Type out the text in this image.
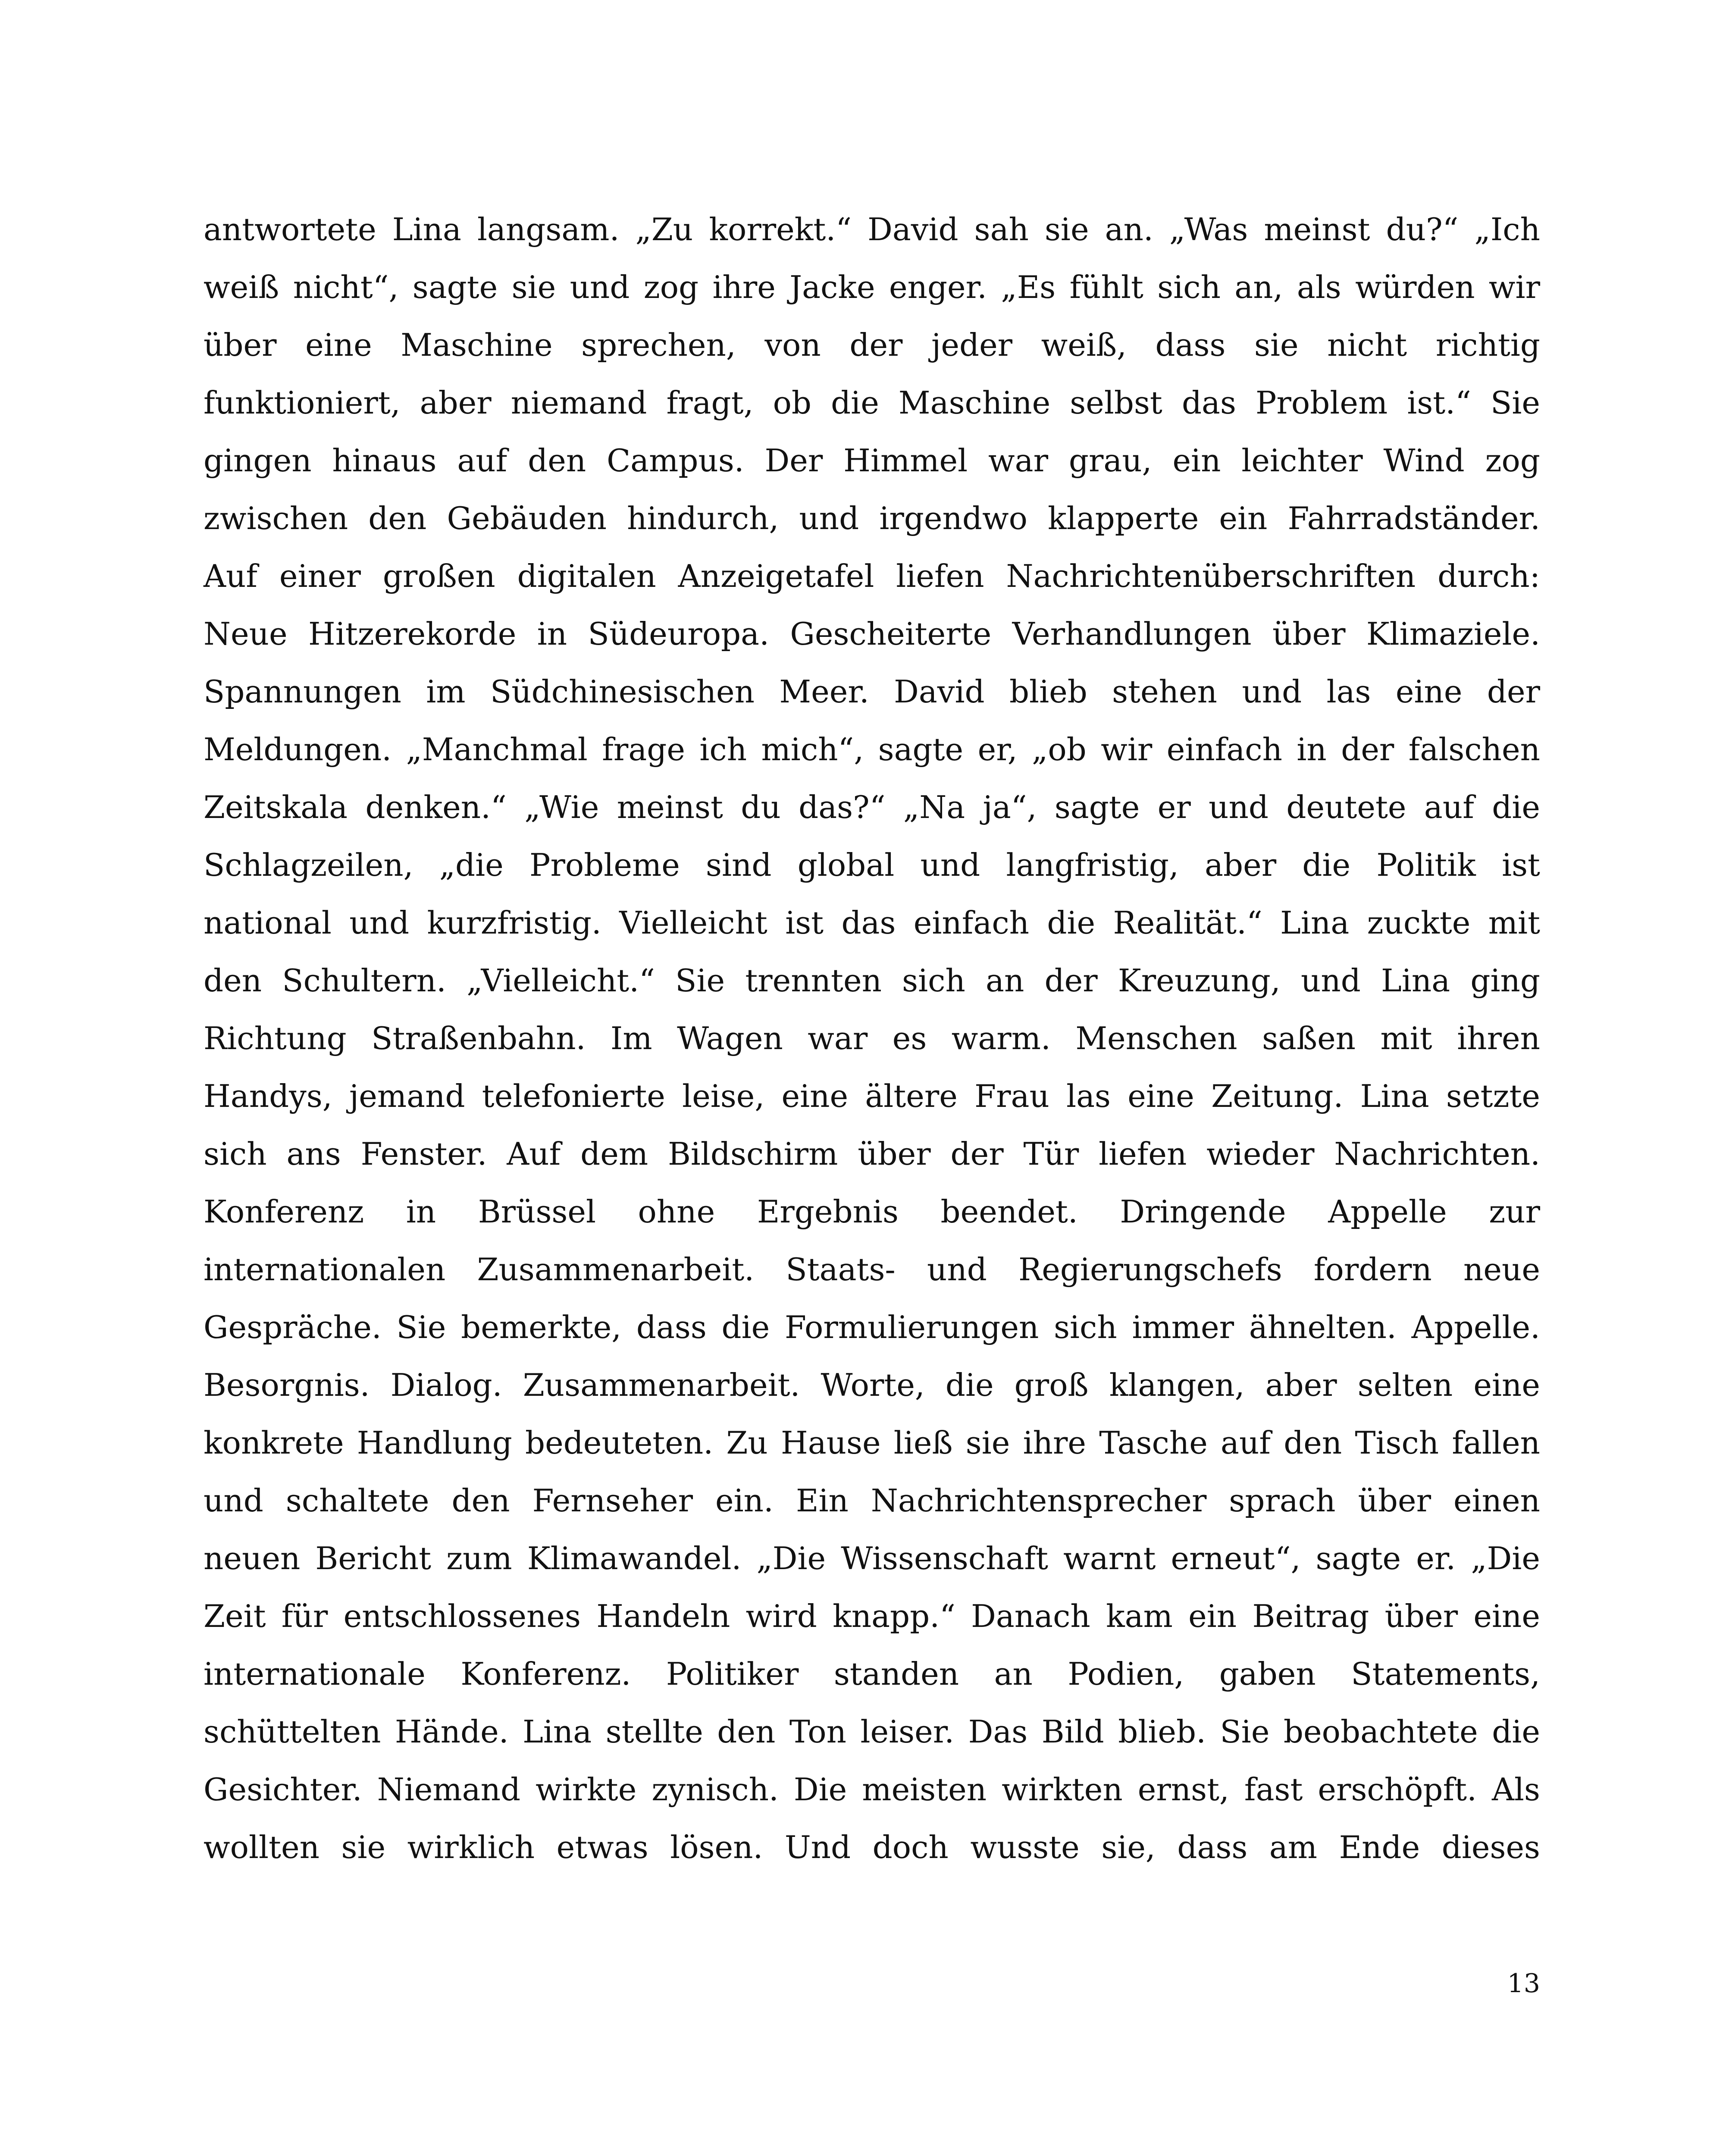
antwortete Lina langsam. „Zu korrekt.“ David sah sie an. „Was meinst du?“ „Ich
weiß nicht“, sagte sie und zog ihre Jacke enger. „Es fühlt sich an, als würden wir
über eine Maschine sprechen, von der jeder weiß, dass sie nicht richtig
funktioniert, aber niemand fragt, ob die Maschine selbst das Problem ist.“ Sie
gingen hinaus auf den Campus. Der Himmel war grau, ein leichter Wind zog
zwischen den Gebäuden hindurch, und irgendwo klapperte ein Fahrradständer.
Auf einer großen digitalen Anzeigetafel liefen Nachrichtenüberschriften durch:
Neue Hitzerekorde in Südeuropa. Gescheiterte Verhandlungen über Klimaziele.
Spannungen im Südchinesischen Meer. David blieb stehen und las eine der
Meldungen. „Manchmal frage ich mich“, sagte er, „ob wir einfach in der falschen
Zeitskala denken.“ „Wie meinst du das?“ „Na ja“, sagte er und deutete auf die
Schlagzeilen, „die Probleme sind global und langfristig, aber die Politik ist
national und kurzfristig. Vielleicht ist das einfach die Realität.“ Lina zuckte mit
den Schultern. „Vielleicht.“ Sie trennten sich an der Kreuzung, und Lina ging
Richtung Straßenbahn. Im Wagen war es warm. Menschen saßen mit ihren
Handys, jemand telefonierte leise, eine ältere Frau las eine Zeitung. Lina setzte
sich ans Fenster. Auf dem Bildschirm über der Tür liefen wieder Nachrichten.
Konferenz in Brüssel ohne Ergebnis beendet. Dringende Appelle zur
internationalen Zusammenarbeit. Staats- und Regierungschefs fordern neue
Gespräche. Sie bemerkte, dass die Formulierungen sich immer ähnelten. Appelle.
Besorgnis. Dialog. Zusammenarbeit. Worte, die groß klangen, aber selten eine
konkrete Handlung bedeuteten. Zu Hause ließ sie ihre Tasche auf den Tisch fallen
und schaltete den Fernseher ein. Ein Nachrichtensprecher sprach über einen
neuen Bericht zum Klimawandel. „Die Wissenschaft warnt erneut“, sagte er. „Die
Zeit für entschlossenes Handeln wird knapp.“ Danach kam ein Beitrag über eine
internationale Konferenz. Politiker standen an Podien, gaben Statements,
schüttelten Hände. Lina stellte den Ton leiser. Das Bild blieb. Sie beobachtete die
Gesichter. Niemand wirkte zynisch. Die meisten wirkten ernst, fast erschöpft. Als
wollten sie wirklich etwas lösen. Und doch wusste sie, dass am Ende dieses
13
